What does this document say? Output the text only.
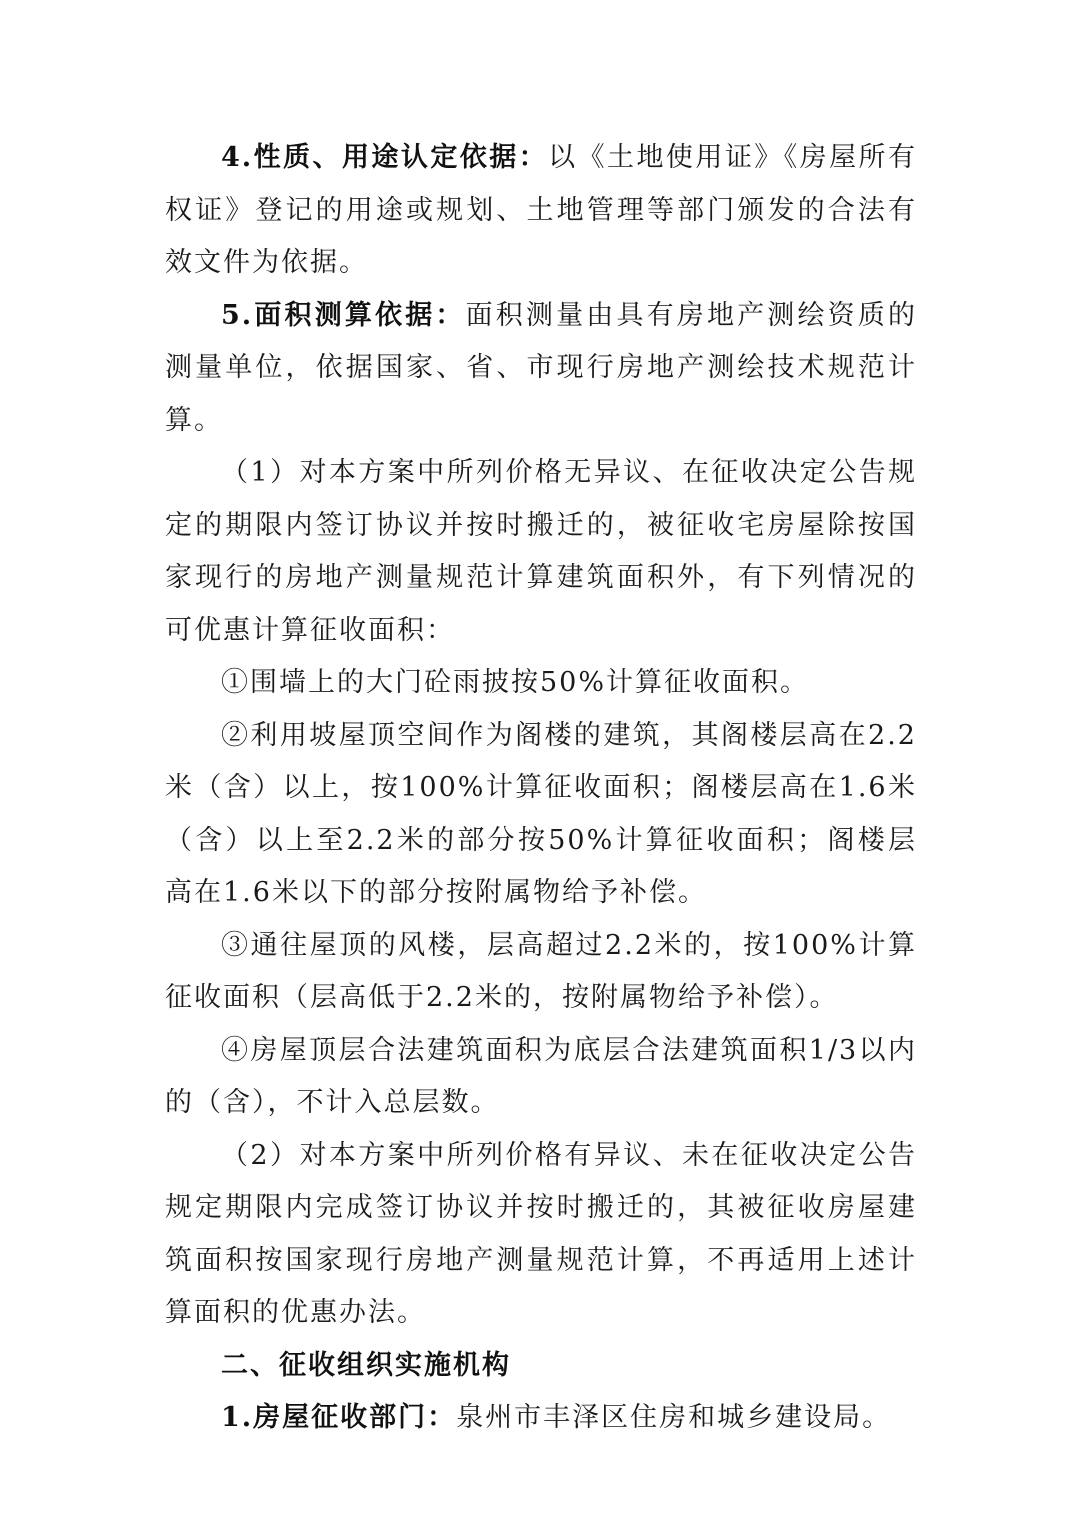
4.性质、用途认定依据：以《土地使用证》《房屋所有权证》登记的用途或规划、土地管理等部门颁发的合法有效文件为依据。

5.面积测算依据：面积测量由具有房地产测绘资质的测量单位，依据国家、省、市现行房地产测绘技术规范计算。

（1）对本方案中所列价格无异议、在征收决定公告规定的期限内签订协议并按时搬迁的，被征收宅房屋除按国家现行的房地产测量规范计算建筑面积外，有下列情况的可优惠计算征收面积：

①围墙上的大门砼雨披按50%计算征收面积。

②利用坡屋顶空间作为阁楼的建筑，其阁楼层高在2.2米（含）以上，按100%计算征收面积；阁楼层高在1.6米（含）以上至2.2米的部分按50%计算征收面积；阁楼层高在1.6米以下的部分按附属物给予补偿。

③通往屋顶的风楼，层高超过2.2米的，按100%计算征收面积（层高低于2.2米的，按附属物给予补偿）。

④房屋顶层合法建筑面积为底层合法建筑面积1/3以内的（含），不计入总层数。

（2）对本方案中所列价格有异议、未在征收决定公告规定期限内完成签订协议并按时搬迁的，其被征收房屋建筑面积按国家现行房地产测量规范计算，不再适用上述计算面积的优惠办法。

二、征收组织实施机构

1.房屋征收部门：泉州市丰泽区住房和城乡建设局。
